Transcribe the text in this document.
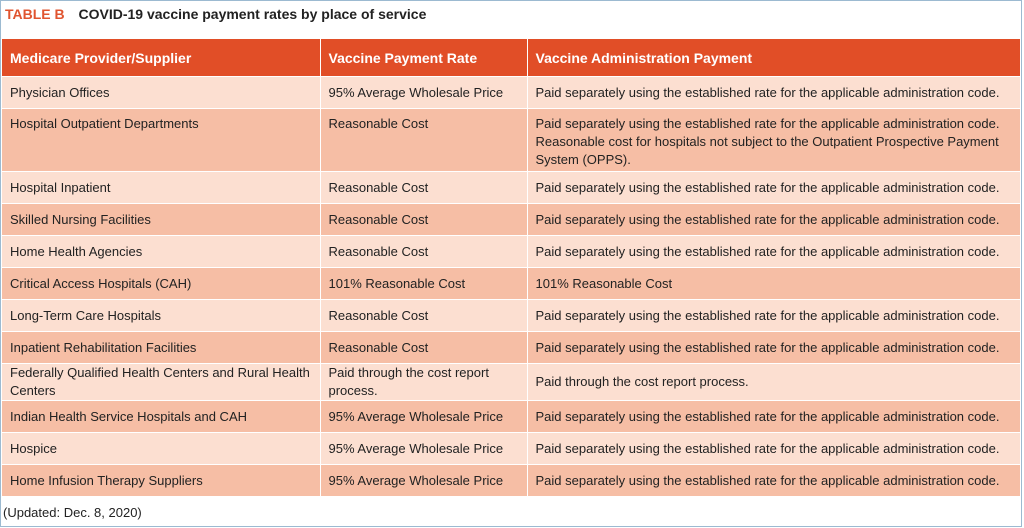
TABLE B COVID-19 vaccine payment rates by place of service
Medicare Provider/Supplier	Vaccine Payment Rate	Vaccine Administration Payment
Physician Offices	95% Average Wholesale Price	Paid separately using the established rate for the applicable administration code.
Hospital Outpatient Departments	Reasonable Cost	Paid separately using the established rate for the applicable administration code. Reasonable cost for hospitals not subject to the Outpatient Prospective Payment System (OPPS).
Hospital Inpatient	Reasonable Cost	Paid separately using the established rate for the applicable administration code.
Skilled Nursing Facilities	Reasonable Cost	Paid separately using the established rate for the applicable administration code.
Home Health Agencies	Reasonable Cost	Paid separately using the established rate for the applicable administration code.
Critical Access Hospitals (CAH)	101% Reasonable Cost	101% Reasonable Cost
Long-Term Care Hospitals	Reasonable Cost	Paid separately using the established rate for the applicable administration code.
Inpatient Rehabilitation Facilities	Reasonable Cost	Paid separately using the established rate for the applicable administration code.
Federally Qualified Health Centers and Rural Health Centers	Paid through the cost report process.	Paid through the cost report process.
Indian Health Service Hospitals and CAH	95% Average Wholesale Price	Paid separately using the established rate for the applicable administration code.
Hospice	95% Average Wholesale Price	Paid separately using the established rate for the applicable administration code.
Home Infusion Therapy Suppliers	95% Average Wholesale Price	Paid separately using the established rate for the applicable administration code.
(Updated: Dec. 8, 2020)
